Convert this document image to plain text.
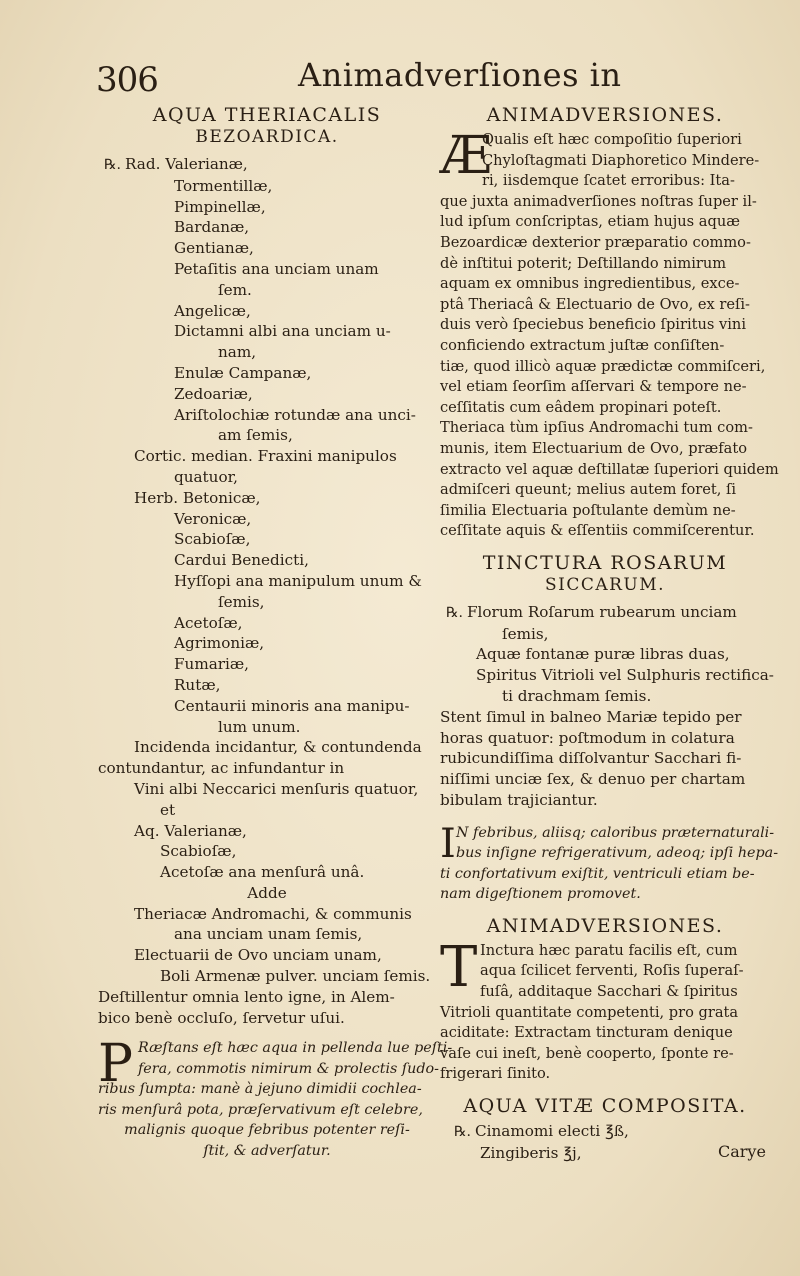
306	Animadverſiones in
AQUA THERIACALIS
BEZOARDICA.
℞. Rad. Valerianæ,
Tormentillæ,
Pimpinellæ,
Bardanæ,
Gentianæ,
Petaſitis ana unciam unam
ſem.
Angelicæ,
Dictamni albi ana unciam u-
nam,
Enulæ Campanæ,
Zedoariæ,
Ariſtolochiæ rotundæ ana unci-
am ſemis,
Cortic. median. Fraxini manipulos
quatuor,
Herb. Betonicæ,
Veronicæ,
Scabioſæ,
Cardui Benedicti,
Hyſſopi ana manipulum unum &
ſemis,
Acetoſæ,
Agrimoniæ,
Fumariæ,
Rutæ,
Centaurii minoris ana manipu-
lum unum.
Incidenda incidantur, & contundenda
contundantur, ac infundantur in
Vini albi Neccarici menſuris quatuor,
et
Aq. Valerianæ,
Scabioſæ,
Acetoſæ ana menſurâ unâ.
Adde
Theriacæ Andromachi, & communis
ana unciam unam ſemis,
Electuarii de Ovo unciam unam,
Boli Armenæ pulver. unciam ſemis.
Deſtillentur omnia lento igne, in Alem-
bico benè occluſo, ſervetur uſui.
P Ræſtans eſt hæc aqua in pellenda lue peſti-
fera, commotis nimirum & prolectis ſudo-
ribus ſumpta: manè à jejuno dimidii cochlea-
ris menſurâ pota, præſervativum eſt celebre,
malignis quoque febribus potenter reſi-
ſtit, & adverſatur.
ANIMADVERSIONES.
Æ
Qualis eſt hæc compoſitio ſuperiori
Chyloſtagmati Diaphoretico Mindere-
ri, iisdemque ſcatet erroribus: Ita-
que juxta animadverſiones noſtras ſuper il-
lud ipſum conſcriptas, etiam hujus aquæ
Bezoardicæ dexterior præparatio commo-
dè inſtitui poterit; Deſtillando nimirum
aquam ex omnibus ingredientibus, exce-
ptâ Theriacâ & Electuario de Ovo, ex reſi-
duis verò ſpeciebus beneficio ſpiritus vini
conficiendo extractum juſtæ conſiſten-
tiæ, quod illicò aquæ prædictæ commiſceri,
vel etiam ſeorſim aſſervari & tempore ne-
ceſſitatis cum eâdem propinari poteſt.
Theriaca tùm ipſius Andromachi tum com-
munis, item Electuarium de Ovo, præfato
extracto vel aquæ deſtillatæ ſuperiori quidem
admiſceri queunt; melius autem foret, ſi
ſimilia Electuaria poſtulante demùm ne-
ceſſitate aquis & eſſentiis commiſcerentur.
TINCTURA ROSARUM
SICCARUM.
℞. Florum Roſarum rubearum unciam
ſemis,
Aquæ fontanæ puræ libras duas,
Spiritus Vitrioli vel Sulphuris rectifica-
ti drachmam ſemis.
Stent ſimul in balneo Mariæ tepido per
horas quatuor: poſtmodum in colatura
rubicundiſſima diſſolvantur Sacchari fi-
niſſimi unciæ ſex, & denuo per chartam
bibulam trajiciantur.
I N febribus, aliisq; caloribus præternaturali-
bus inſigne refrigerativum, adeoq; ipſi hepa-
ti confortativum exiſtit, ventriculi etiam be-
nam digeſtionem promovet.
ANIMADVERSIONES.
T Inctura hæc paratu facilis eſt, cum
aqua ſcilicet ferventi, Roſis ſuperaſ-
fuſâ, additaque Sacchari & ſpiritus
Vitrioli quantitate competenti, pro grata
aciditate: Extractam tincturam denique
vaſe cui ineſt, benè cooperto, ſponte re-
frigerari ſinito.
AQUA VITÆ COMPOSITA.
℞. Cinamomi electi ℥ß,
Zingiberis ℥j,	Carye
